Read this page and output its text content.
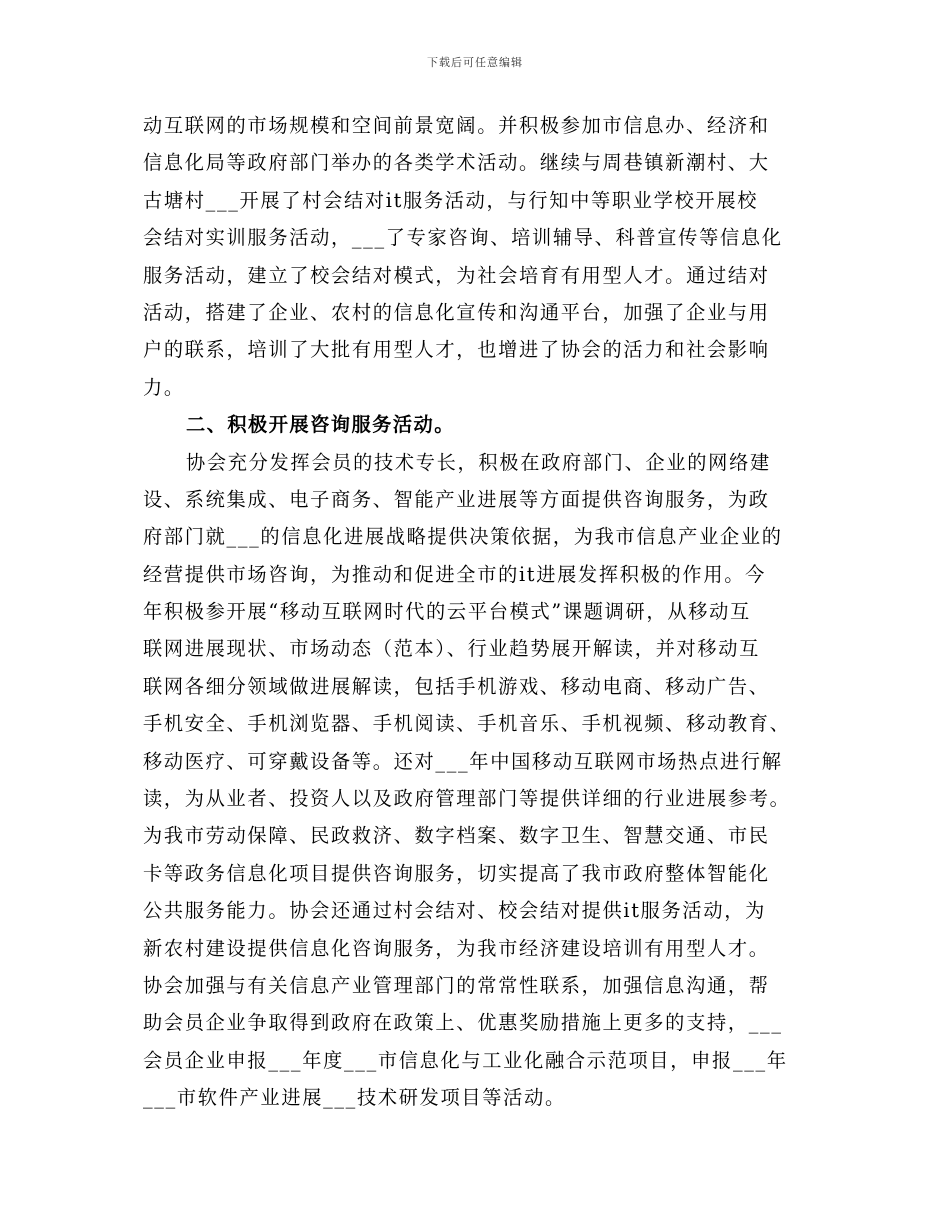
下载后可任意编辑
动互联网的市场规模和空间前景宽阔。并积极参加市信息办、经济和
信息化局等政府部门举办的各类学术活动。继续与周巷镇新潮村、大
古塘村___开展了村会结对it服务活动，与行知中等职业学校开展校
会结对实训服务活动，___了专家咨询、培训辅导、科普宣传等信息化
服务活动，建立了校会结对模式，为社会培育有用型人才。通过结对
活动，搭建了企业、农村的信息化宣传和沟通平台，加强了企业与用
户的联系，培训了大批有用型人才，也增进了协会的活力和社会影响
力。
二、积极开展咨询服务活动。
协会充分发挥会员的技术专长，积极在政府部门、企业的网络建
设、系统集成、电子商务、智能产业进展等方面提供咨询服务，为政
府部门就___的信息化进展战略提供决策依据，为我市信息产业企业的
经营提供市场咨询，为推动和促进全市的it进展发挥积极的作用。今
年积极参开展“移动互联网时代的云平台模式”课题调研，从移动互
联网进展现状、市场动态（范本）、行业趋势展开解读，并对移动互
联网各细分领域做进展解读，包括手机游戏、移动电商、移动广告、
手机安全、手机浏览器、手机阅读、手机音乐、手机视频、移动教育、
移动医疗、可穿戴设备等。还对___年中国移动互联网市场热点进行解
读，为从业者、投资人以及政府管理部门等提供详细的行业进展参考。
为我市劳动保障、民政救济、数字档案、数字卫生、智慧交通、市民
卡等政务信息化项目提供咨询服务，切实提高了我市政府整体智能化
公共服务能力。协会还通过村会结对、校会结对提供it服务活动，为
新农村建设提供信息化咨询服务，为我市经济建设培训有用型人才。
协会加强与有关信息产业管理部门的常常性联系，加强信息沟通，帮
助会员企业争取得到政府在政策上、优惠奖励措施上更多的支持，___
会员企业申报___年度___市信息化与工业化融合示范项目，申报___年
___市软件产业进展___技术研发项目等活动。
